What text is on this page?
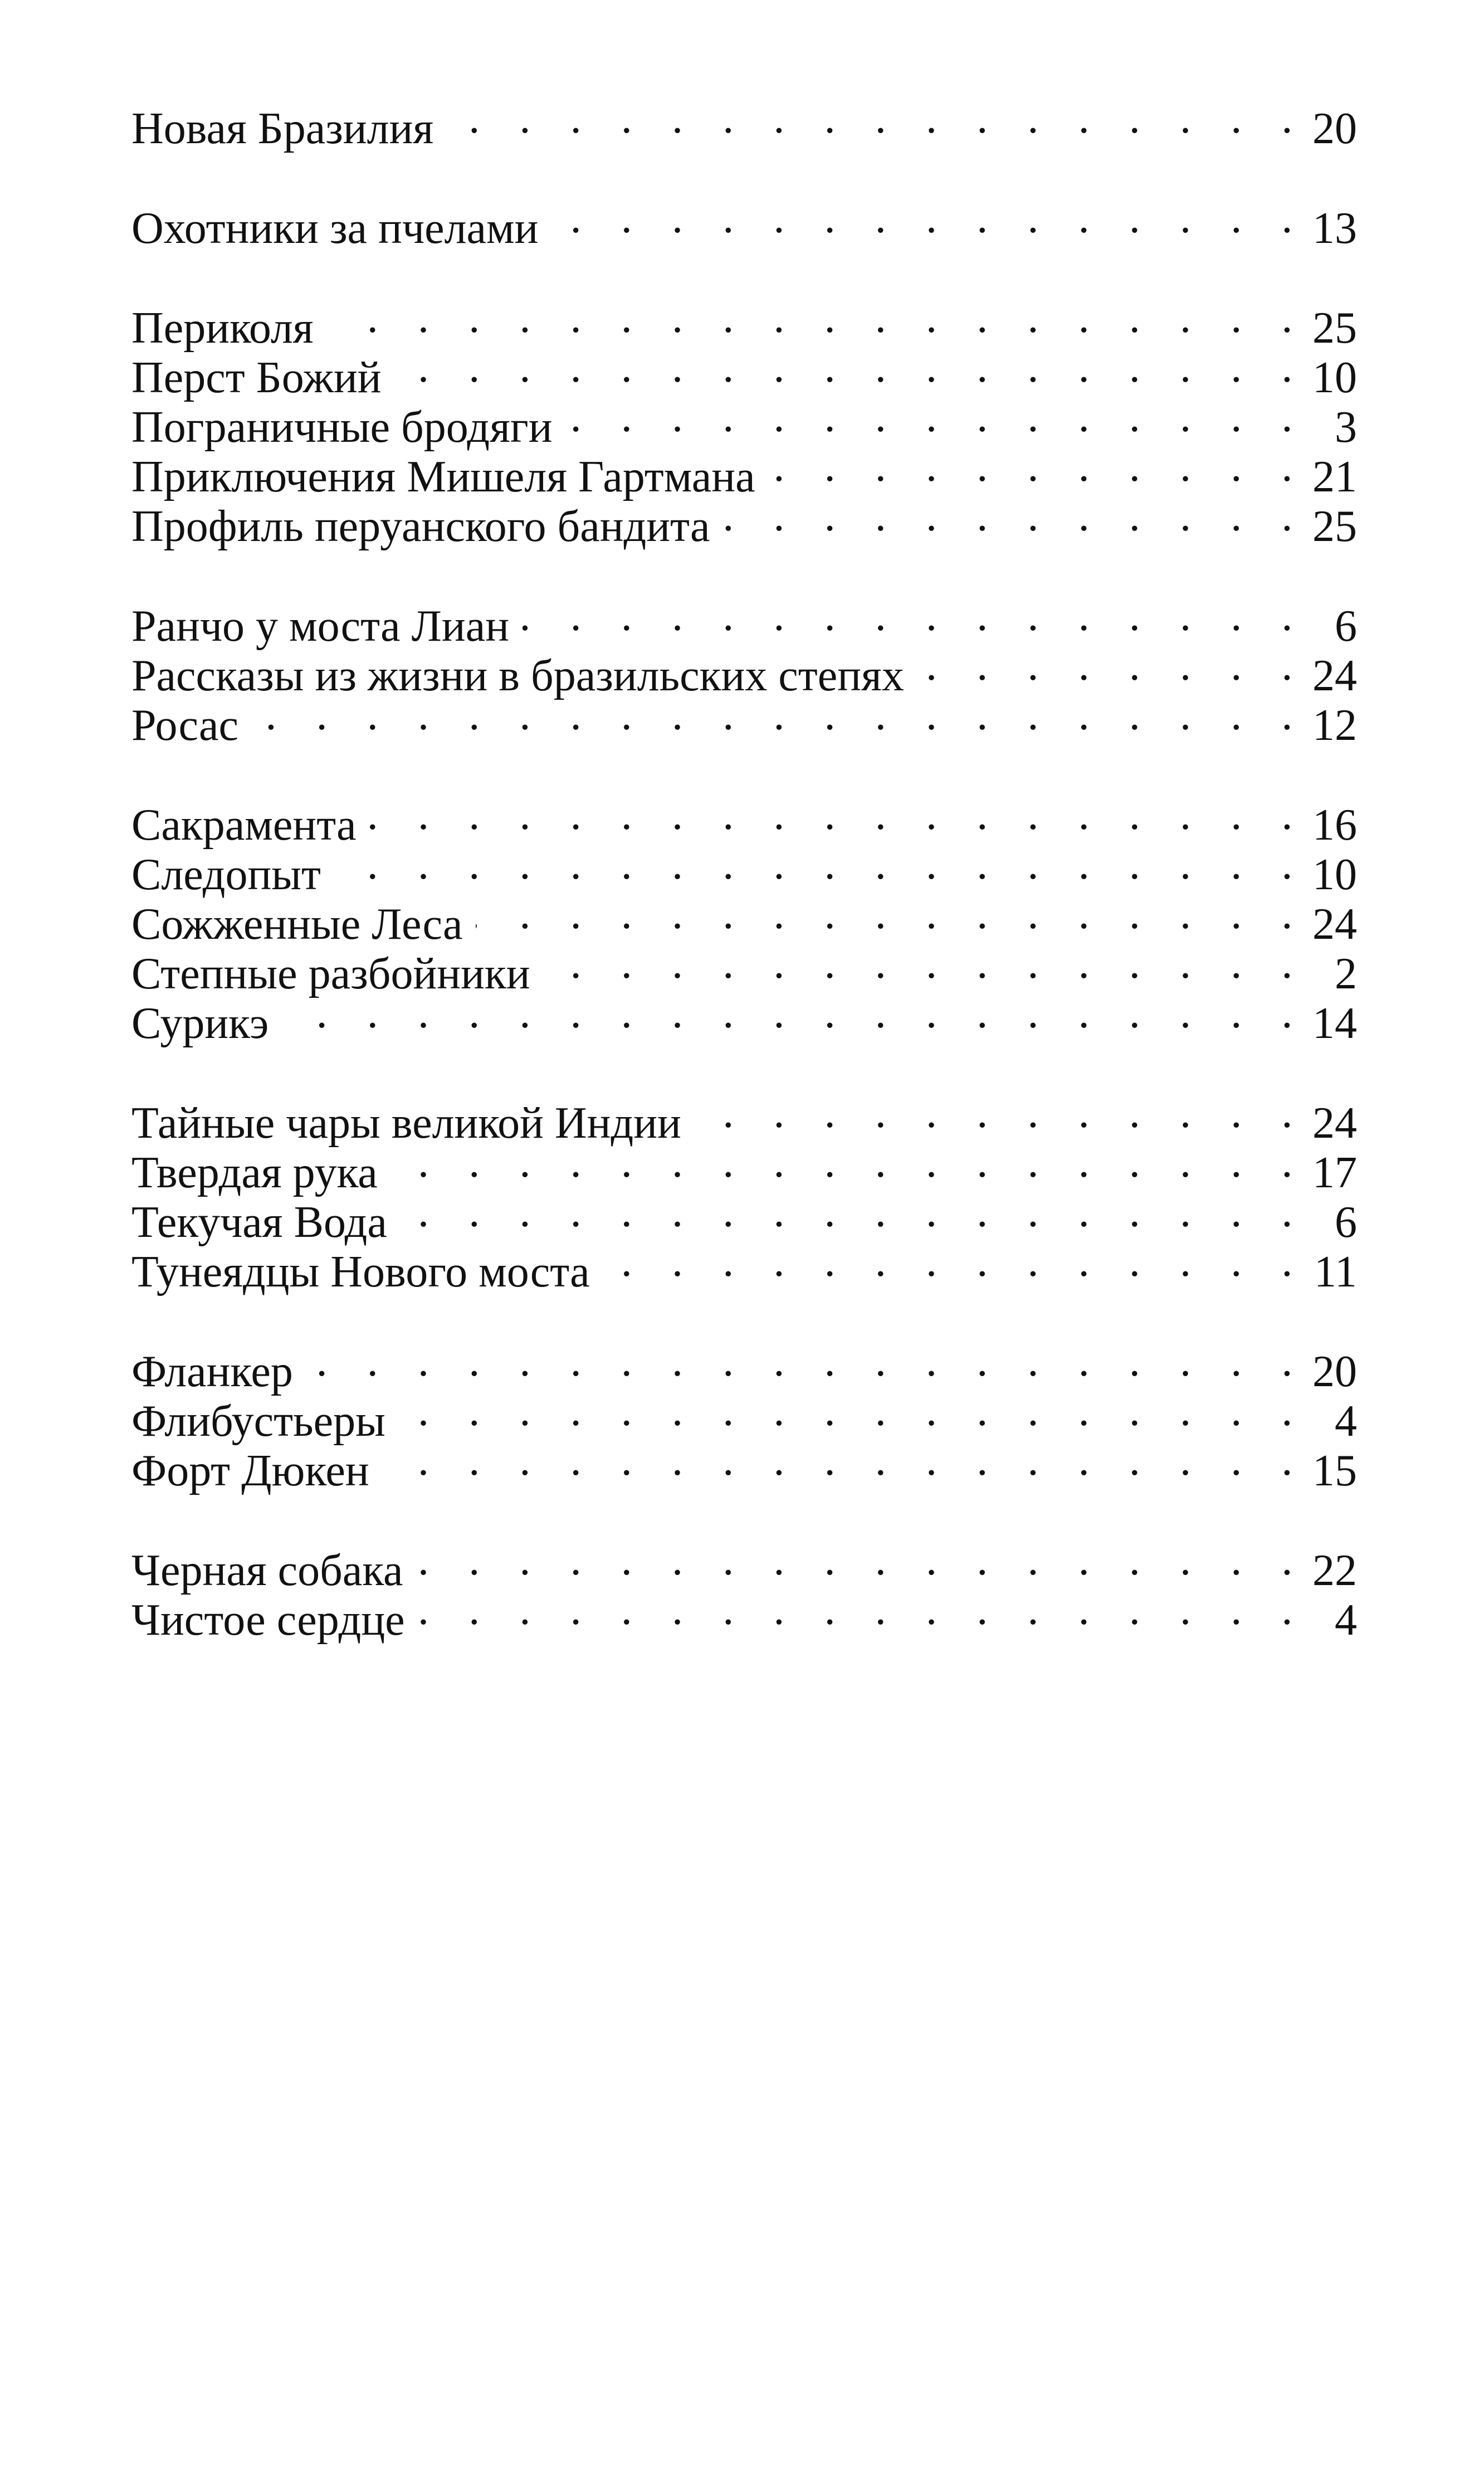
Новая Бразилия . . .	20
Охотники за пчелами . . .	13
Периколя . . .	25
Перст Божий . . .	10
Пограничные бродяги . . .	3
Приключения Мишеля Гартмана . . .	21
Профиль перуанского бандита . . .	25
Ранчо у моста Лиан . . .	6
Рассказы из жизни в бразильских степях . . .	24
Росас . . .	12
Сакрамента . . .	16
Следопыт . . .	10
Сожженные Леса . . .	24
Степные разбойники . . .	2
Сурикэ . . .	14
Тайные чары великой Индии . . .	24
Твердая рука . . .	17
Текучая Вода . . .	6
Тунеядцы Нового моста . . .	11
Фланкер . . .	20
Флибустьеры . . .	4
Форт Дюкен . . .	15
Черная собака . . .	22
Чистое сердце . . .	4
